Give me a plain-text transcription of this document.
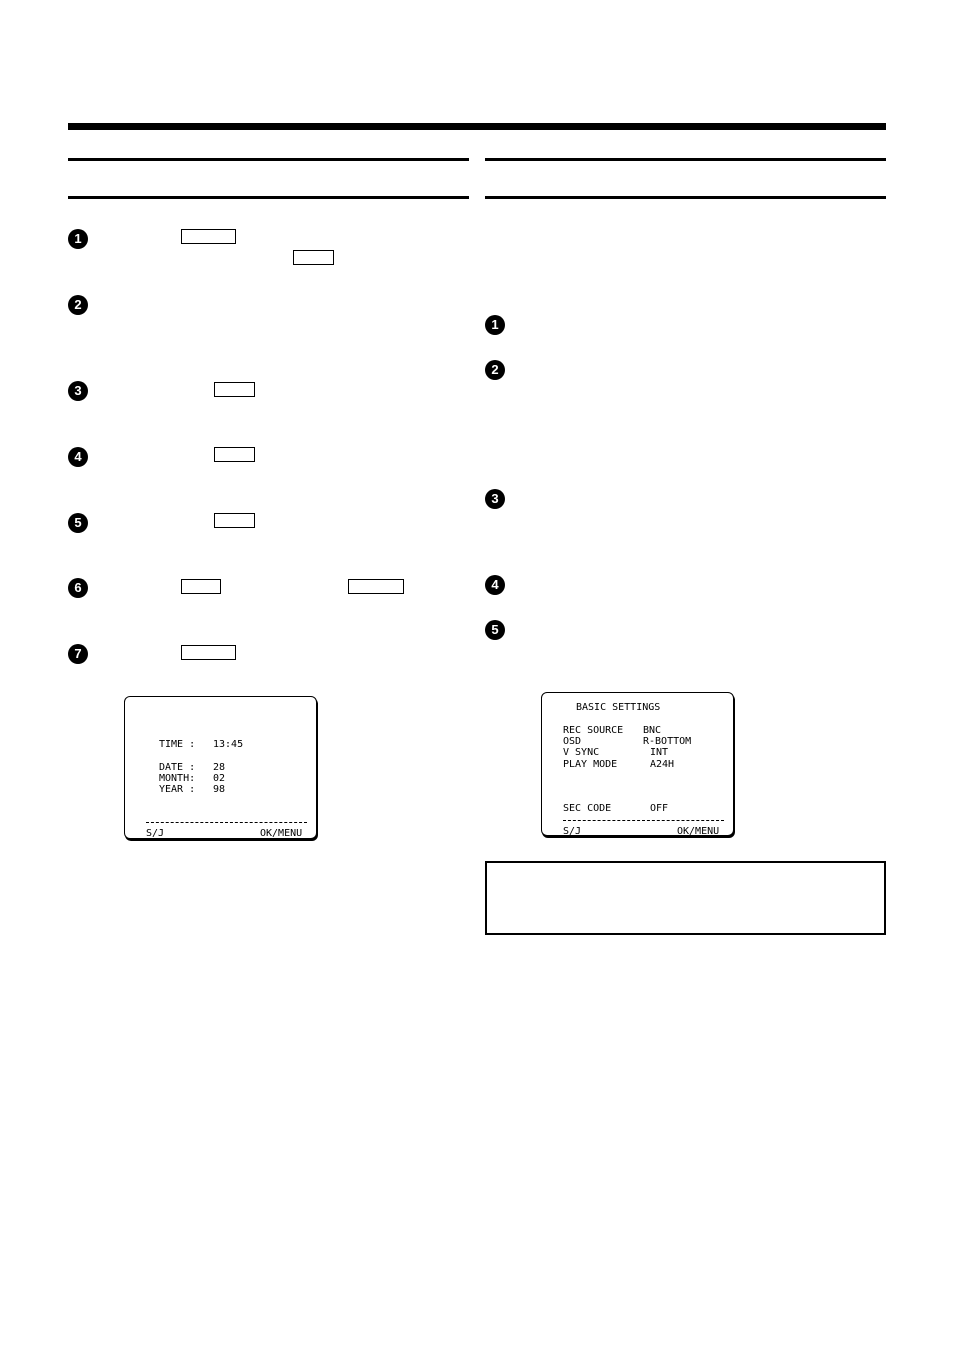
1
2
3
4
5
6
7
TIME : 13:45
DATE : 28
MONTH: 02
YEAR : 98
S/J	OK/MENU
1
2
3
4
5
BASIC SETTINGS
REC SOURCE BNC
OSD	R-BOTTOM
V SYNC	INT
PLAY MODE	A24H
SEC CODE	OFF
S/J	OK/MENU
